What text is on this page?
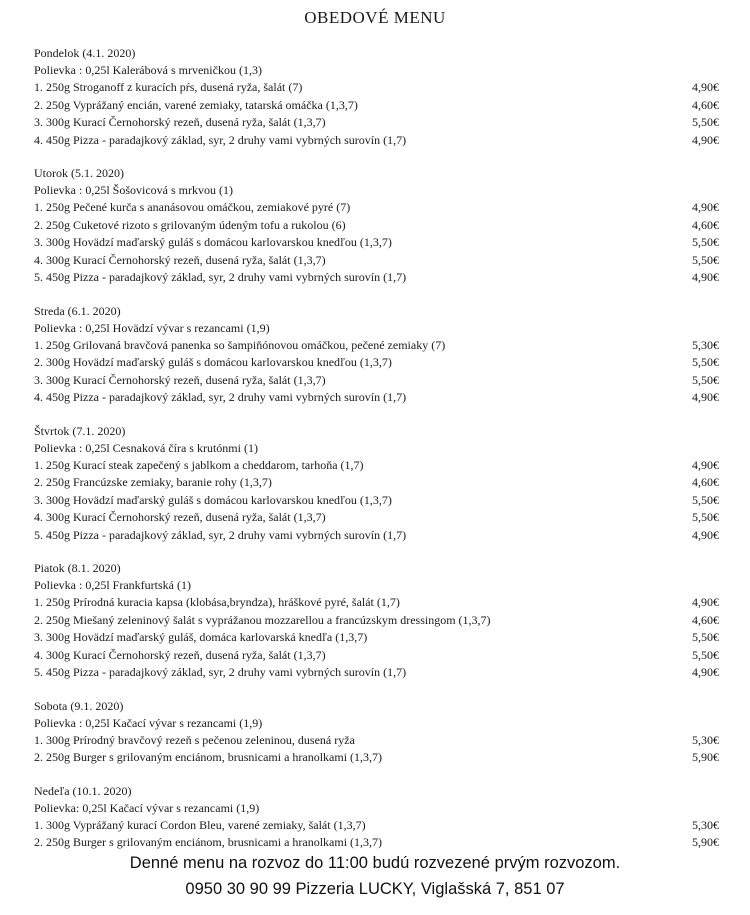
OBEDOVÉ MENU
Pondelok (4.1. 2020)
Polievka : 0,25l Kalerábová s mrveničkou (1,3)
1. 250g Stroganoff z kuracích pŕs, dusená ryža, šalát (7)	4,90€
2. 250g Vyprážaný encián, varené zemiaky, tatarská omáčka (1,3,7)	4,60€
3. 300g Kurací Černohorský rezeň, dusená ryža, šalát (1,3,7)	5,50€
4. 450g Pizza - paradajkový základ, syr, 2 druhy vami vybrných surovín (1,7)	4,90€
Utorok (5.1. 2020)
Polievka : 0,25l Šošovicová s mrkvou (1)
1. 250g Pečené kurča s ananásovou omáčkou, zemiakové pyré (7)	4,90€
2. 250g Cuketové rizoto s grilovaným údeným tofu a rukolou (6)	4,60€
3. 300g Hovädzí maďarský guláš s domácou karlovarskou knedľou (1,3,7)	5,50€
4. 300g Kurací Černohorský rezeň, dusená ryža, šalát (1,3,7)	5,50€
5. 450g Pizza - paradajkový základ, syr, 2 druhy vami vybrných surovín (1,7)	4,90€
Streda (6.1. 2020)
Polievka : 0,25l Hovädzí vývar s rezancami (1,9)
1. 250g Grilovaná bravčová panenka so šampiňónovou omáčkou, pečené zemiaky (7)	5,30€
2. 300g Hovädzí maďarský guláš s domácou karlovarskou knedľou (1,3,7)	5,50€
3. 300g Kurací Černohorský rezeň, dusená ryža, šalát (1,3,7)	5,50€
4. 450g Pizza - paradajkový základ, syr, 2 druhy vami vybrných surovín (1,7)	4,90€
Štvrtok (7.1. 2020)
Polievka : 0,25l Cesnaková číra s krutónmi (1)
1. 250g Kurací steak zapečený s jablkom a cheddarom, tarhoňa (1,7)	4,90€
2. 250g Francúzske zemiaky, baranie rohy (1,3,7)	4,60€
3. 300g Hovädzí maďarský guláš s domácou karlovarskou knedľou (1,3,7)	5,50€
4. 300g Kurací Černohorský rezeň, dusená ryža, šalát (1,3,7)	5,50€
5. 450g Pizza - paradajkový základ, syr, 2 druhy vami vybrných surovín (1,7)	4,90€
Piatok (8.1. 2020)
Polievka : 0,25l Frankfurtská (1)
1. 250g Prírodná kuracia kapsa (klobása,bryndza), hráškové pyré, šalát (1,7)	4,90€
2. 250g Miešaný zeleninový šalát s vyprážanou mozzarellou a francúzskym dressingom (1,3,7)	4,60€
3. 300g Hovädzí maďarský guláš, domáca karlovarská knedľa (1,3,7)	5,50€
4. 300g Kurací Černohorský rezeň, dusená ryža, šalát (1,3,7)	5,50€
5. 450g Pizza - paradajkový základ, syr, 2 druhy vami vybrných surovín (1,7)	4,90€
Sobota (9.1. 2020)
Polievka : 0,25l Kačací vývar s rezancami (1,9)
1. 300g Prírodný bravčový rezeň s pečenou zeleninou, dusená ryža	5,30€
2. 250g Burger s grilovaným enciánom, brusnicami a hranolkami (1,3,7)	5,90€
Nedeľa (10.1. 2020)
Polievka: 0,25l Kačací vývar s rezancami (1,9)
1. 300g Vyprážaný kurací Cordon Bleu, varené zemiaky, šalát (1,3,7)	5,30€
2. 250g Burger s grilovaným enciánom, brusnicami a hranolkami (1,3,7)	5,90€
Denné menu na rozvoz do 11:00 budú rozvezené prvým rozvozom.
0950 30 90 99 Pizzeria LUCKY, Viglašská 7, 851 07
